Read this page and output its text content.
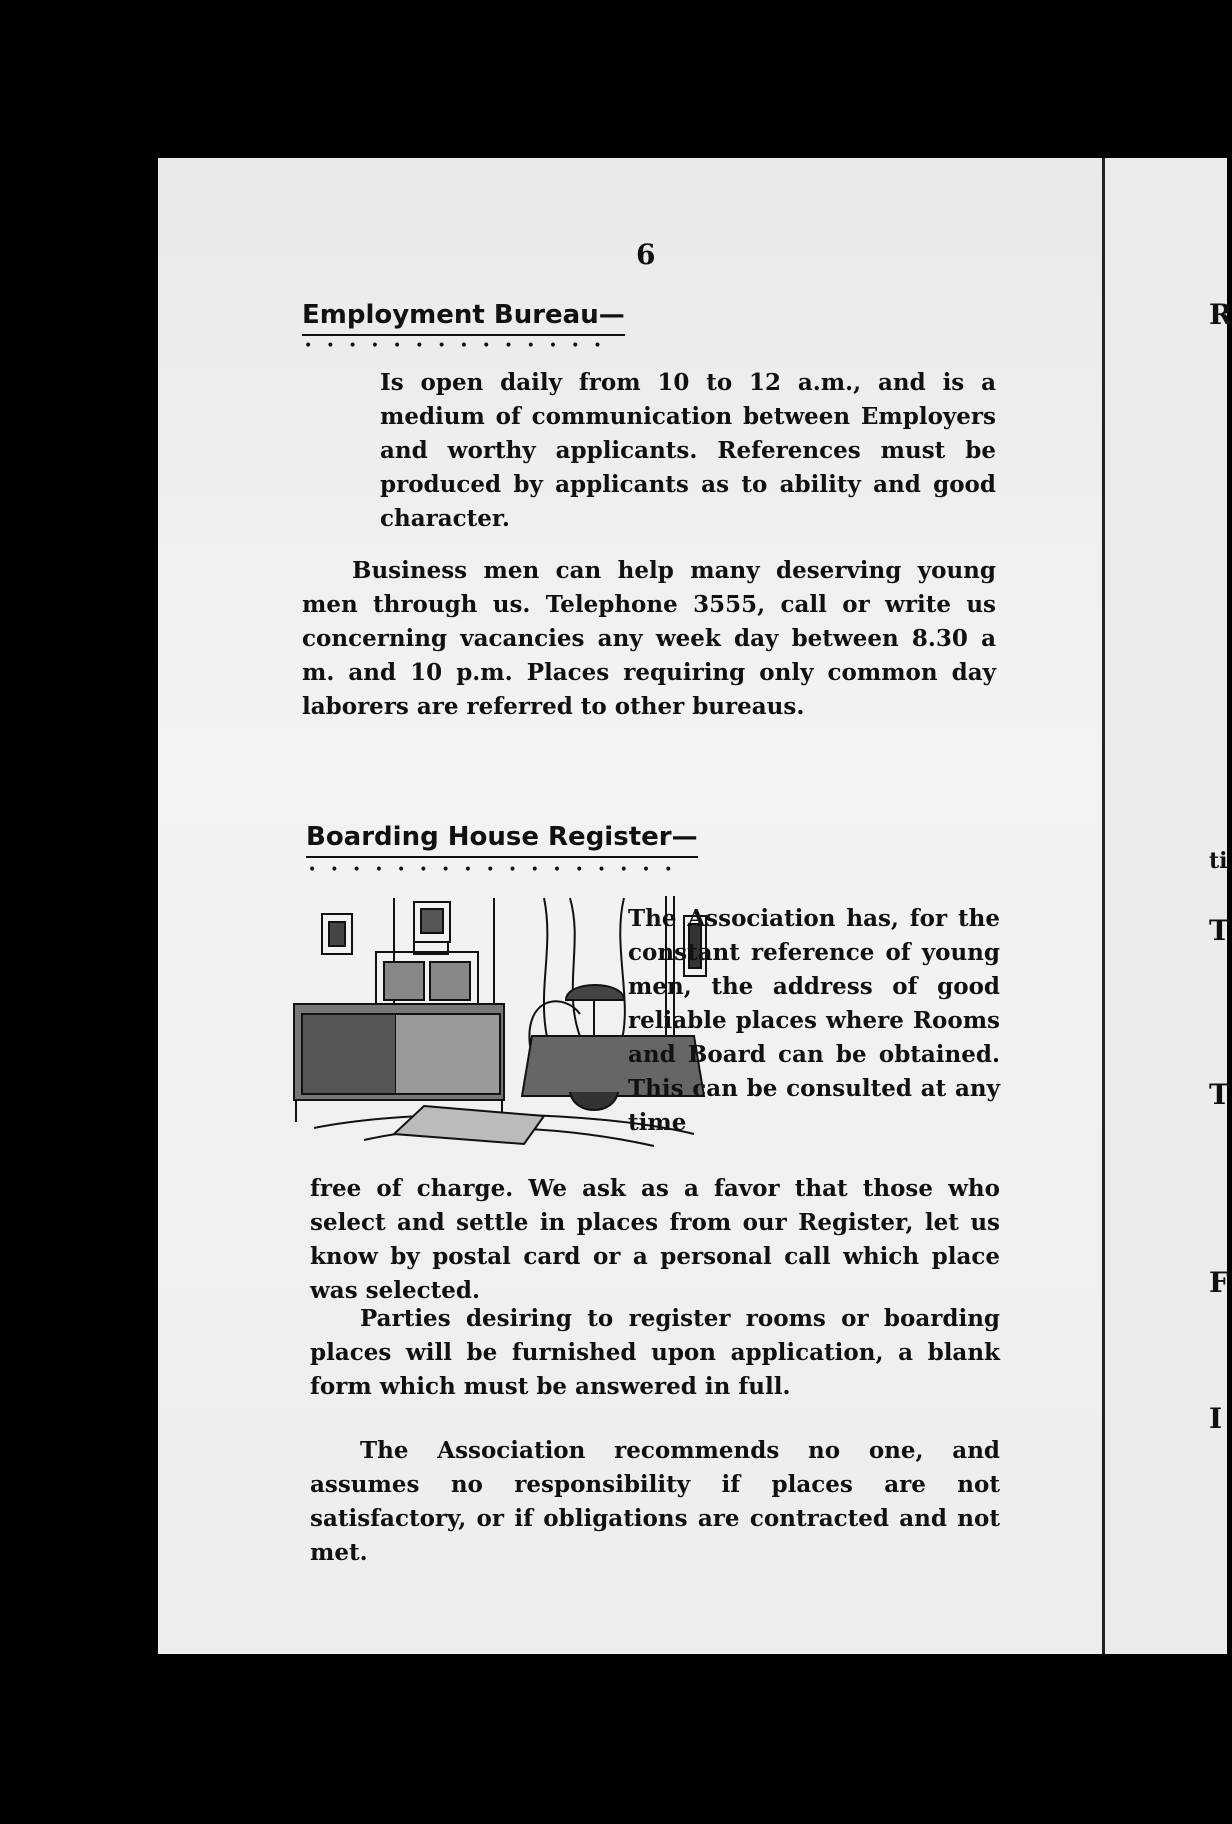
6
Employment Bureau—
••••••••••••••

Is open daily from 10 to 12 a.m., and is a medium of communication between Employers and worthy applicants. References must be produced by applicants as to ability and good character.

Business men can help many deserving young men through us. Telephone 3555, call or write us concerning vacancies any week day between 8.30 a m. and 10 p.m. Places requiring only common day laborers are referred to other bureaus.

Boarding House Register—
•••••••••••••••••

The Association has, for the constant reference of young men, the address of good reliable places where Rooms and Board can be obtained. This can be consulted at any time

free of charge. We ask as a favor that those who select and settle in places from our Register, let us know by postal card or a personal call which place was selected.

Parties desiring to register rooms or boarding places will be furnished upon application, a blank form which must be answered in full.

The Association recommends no one, and assumes no responsibility if places are not satisfactory, or if obligations are contracted and not met.

R
ti
T
T
F
I
